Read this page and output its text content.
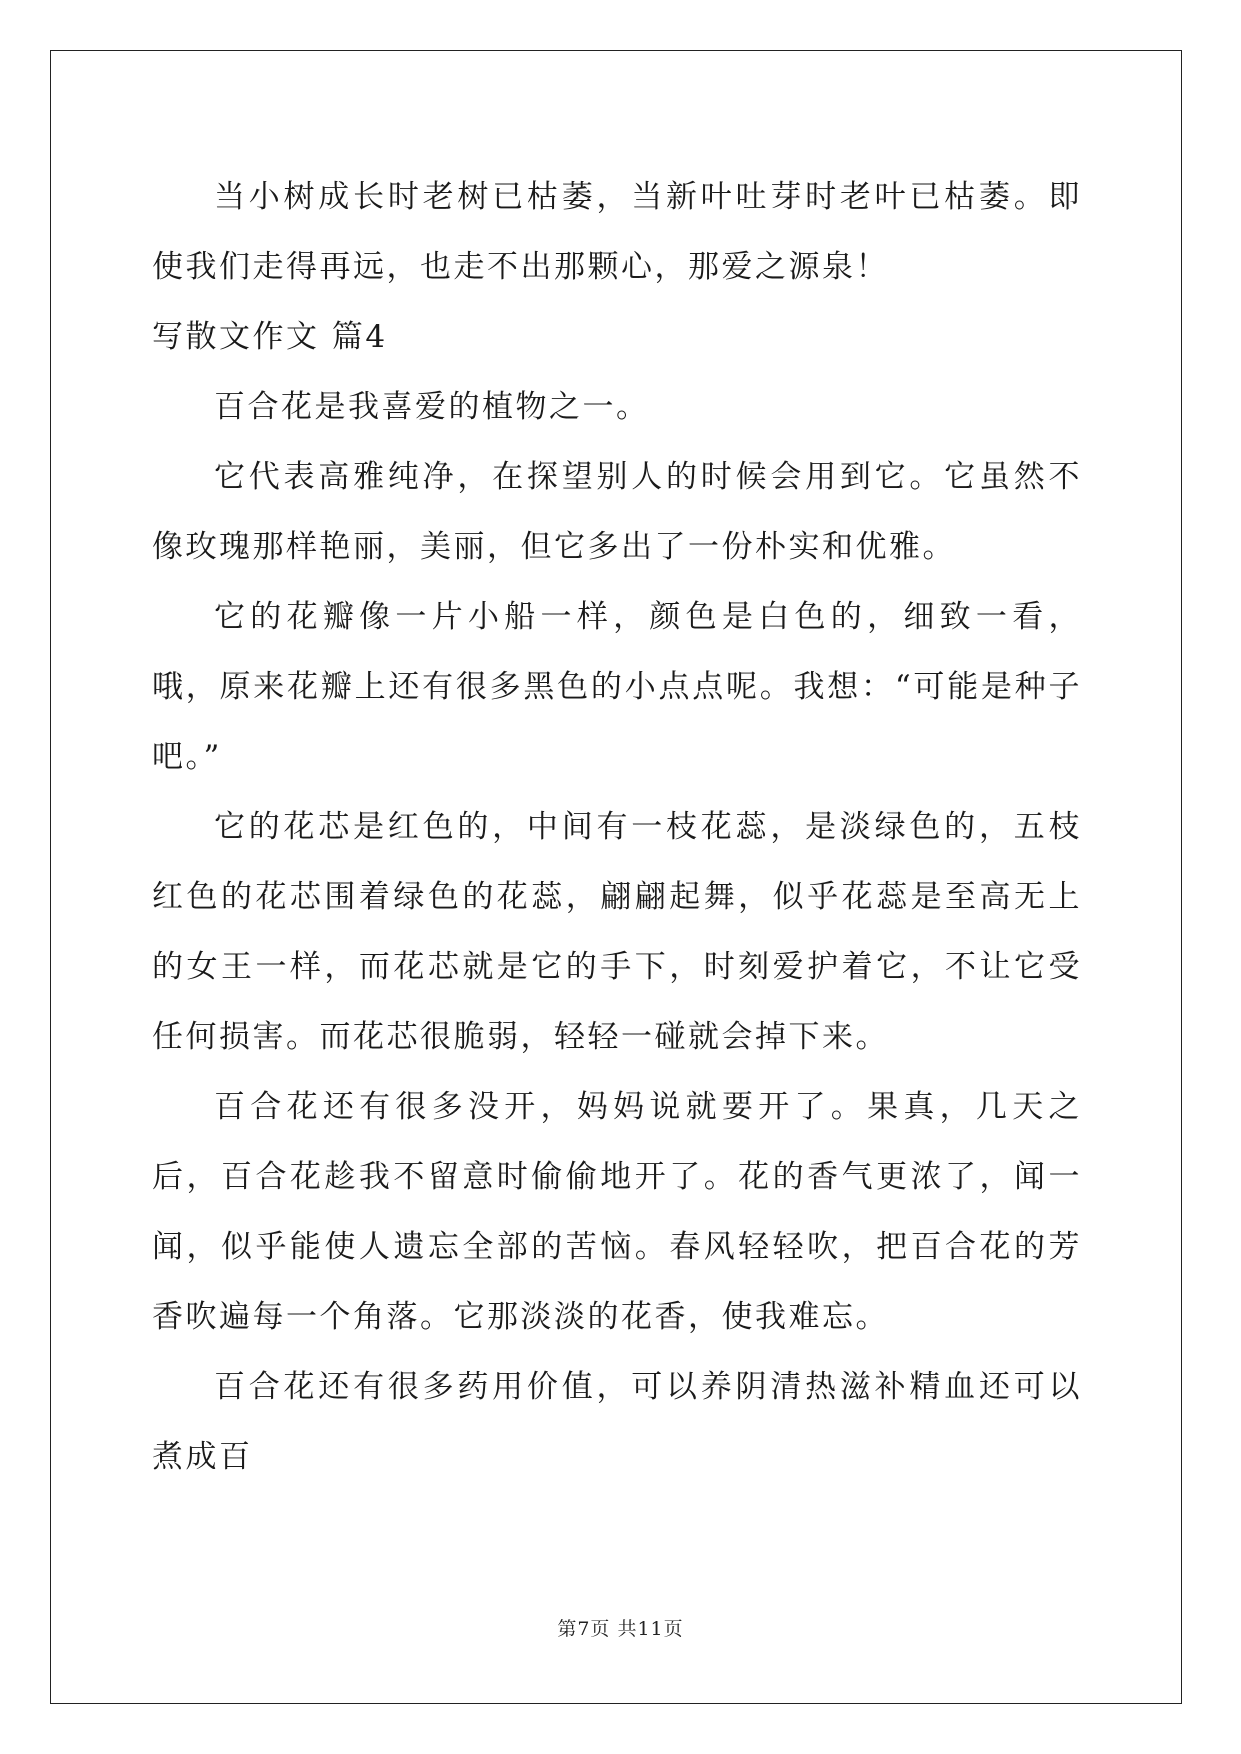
当小树成长时老树已枯萎，当新叶吐芽时老叶已枯萎。即使我们走得再远，也走不出那颗心，那爱之源泉！

写散文作文 篇4

百合花是我喜爱的植物之一。

它代表高雅纯净，在探望别人的时候会用到它。它虽然不像玫瑰那样艳丽，美丽，但它多出了一份朴实和优雅。

它的花瓣像一片小船一样，颜色是白色的，细致一看，哦，原来花瓣上还有很多黑色的小点点呢。我想：“可能是种子吧。”

它的花芯是红色的，中间有一枝花蕊，是淡绿色的，五枝红色的花芯围着绿色的花蕊，翩翩起舞，似乎花蕊是至高无上的女王一样，而花芯就是它的手下，时刻爱护着它，不让它受任何损害。而花芯很脆弱，轻轻一碰就会掉下来。

百合花还有很多没开，妈妈说就要开了。果真，几天之后，百合花趁我不留意时偷偷地开了。花的香气更浓了，闻一闻，似乎能使人遗忘全部的苦恼。春风轻轻吹，把百合花的芳香吹遍每一个角落。它那淡淡的花香，使我难忘。

百合花还有很多药用价值，可以养阴清热滋补精血还可以煮成百

第7页 共11页
